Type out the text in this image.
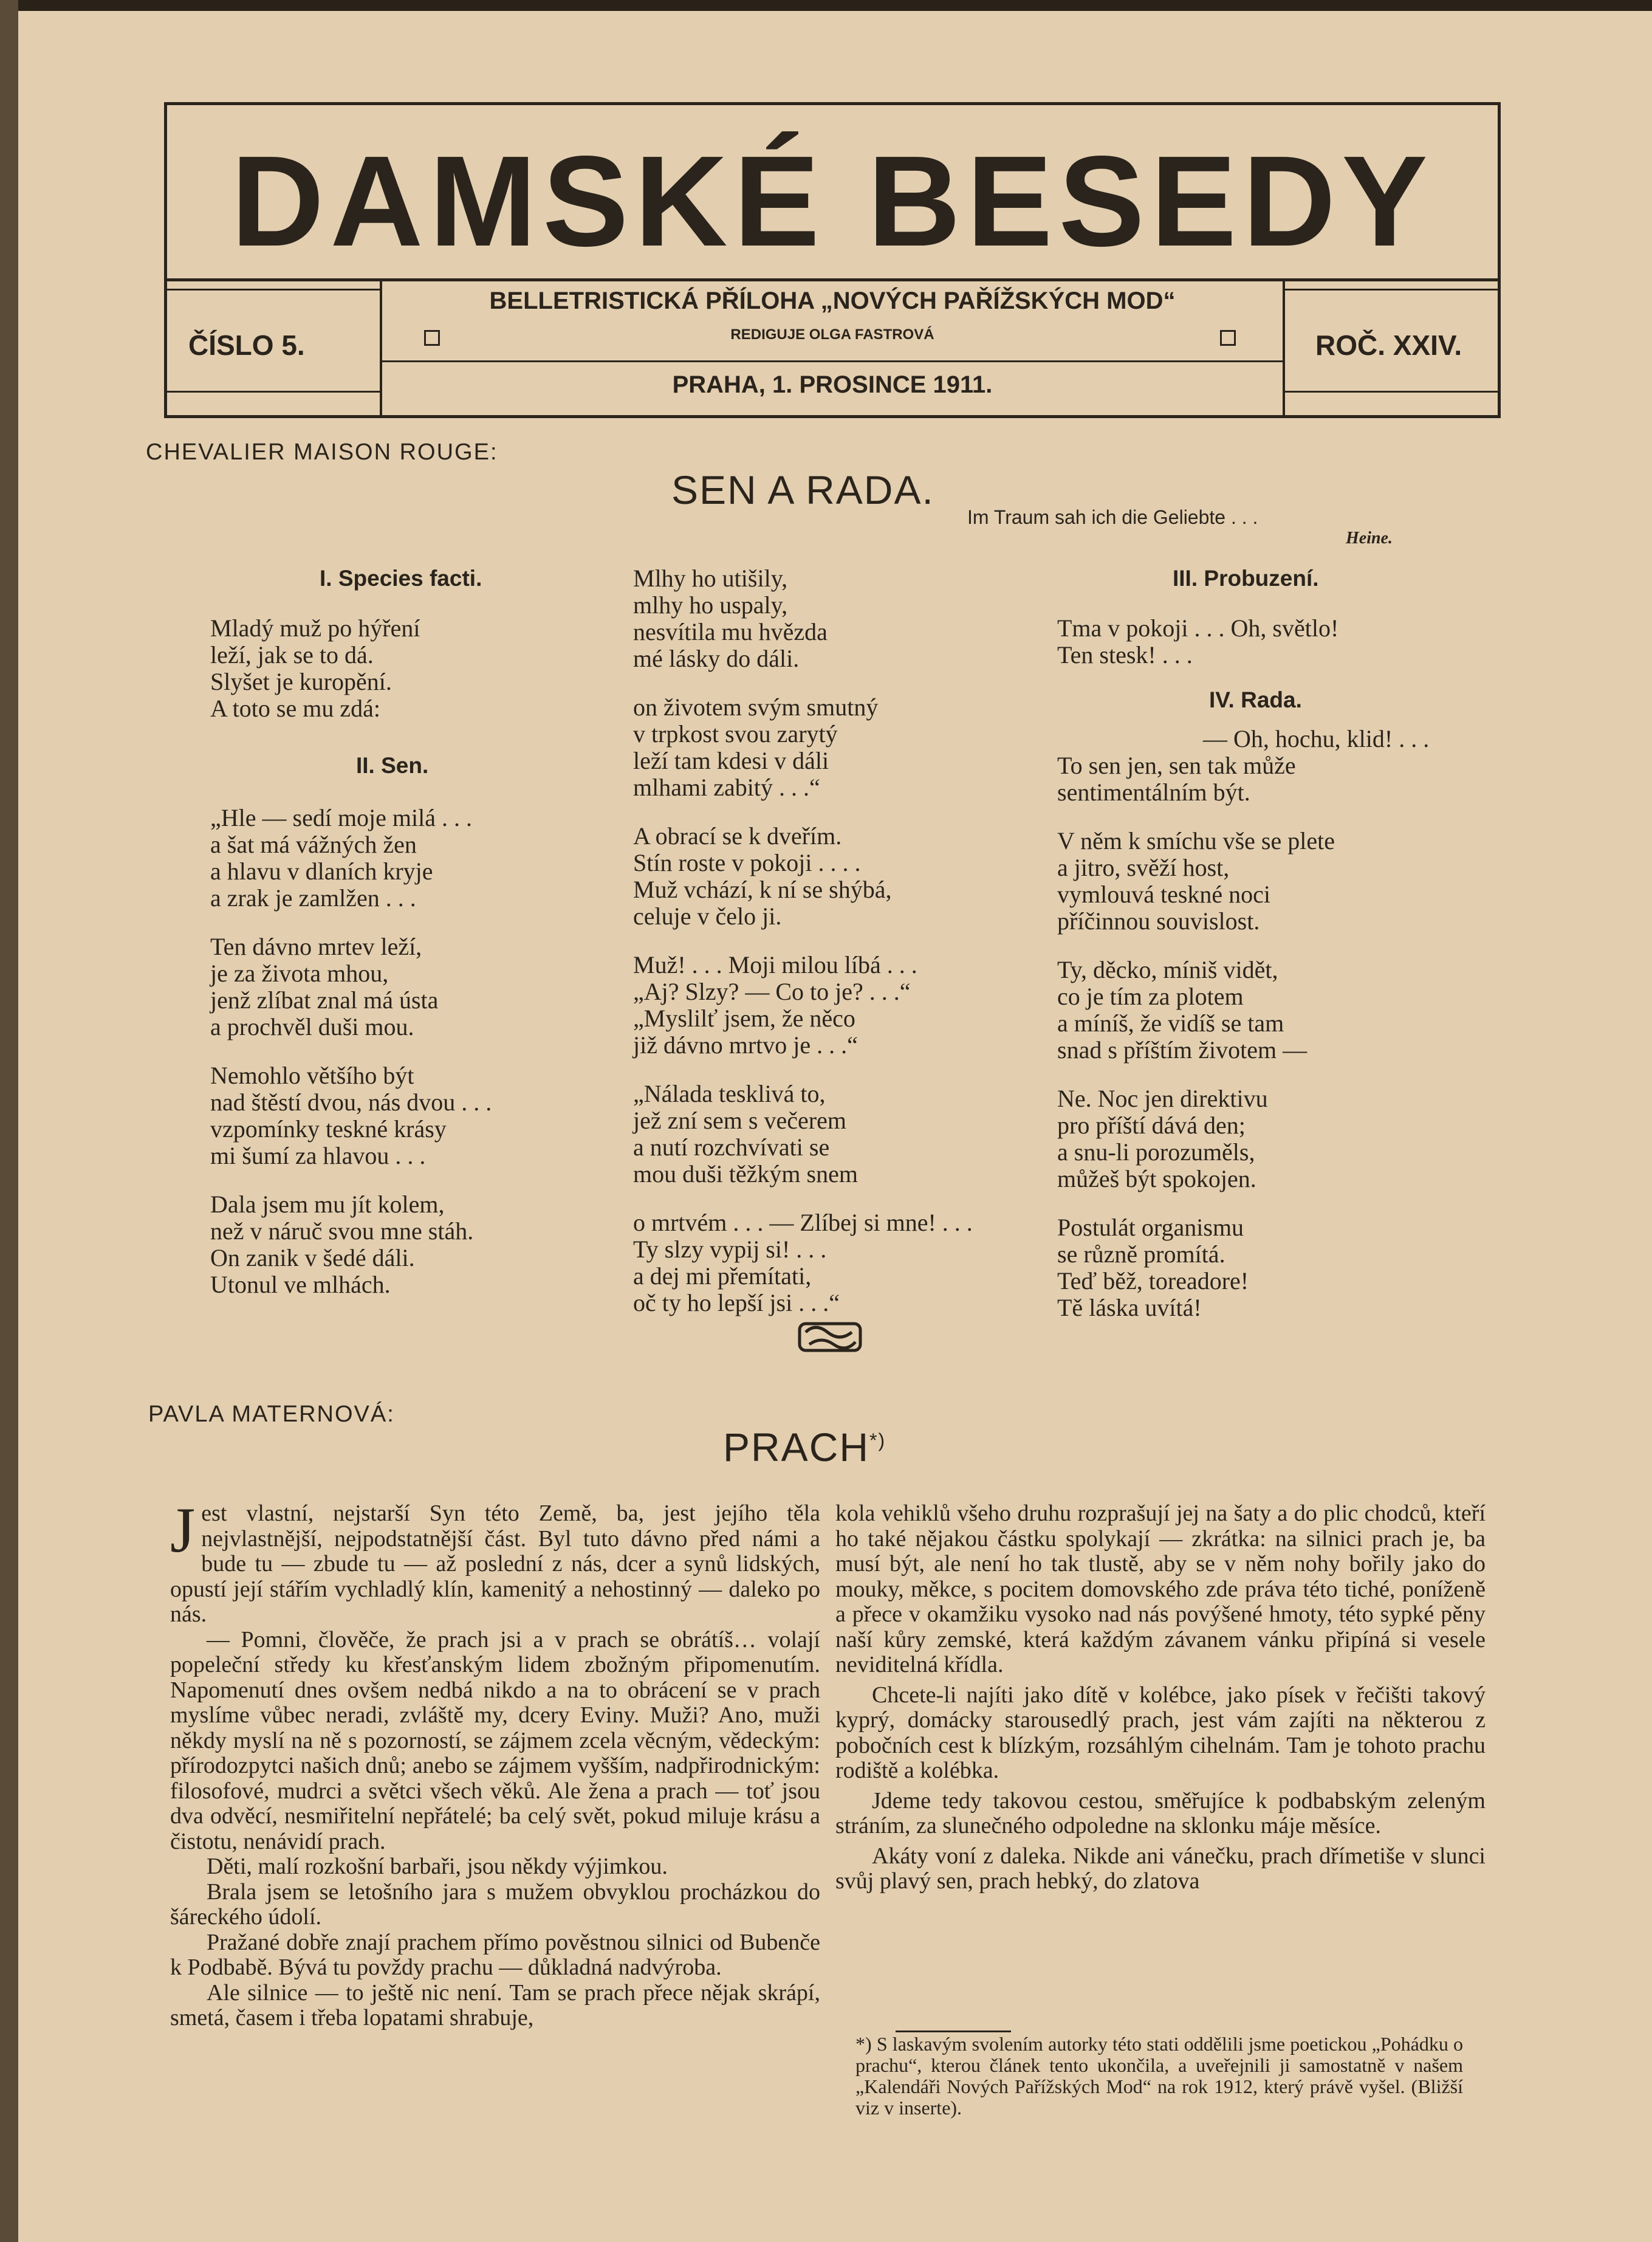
DAMSKÉ BESEDY
ČÍSLO 5.	ROČ. XXIV.
BELLETRISTICKÁ PŘÍLOHA „NOVÝCH PAŘÍŽSKÝCH MOD“
REDIGUJE OLGA FASTROVÁ
PRAHA, 1. PROSINCE 1911.
CHEVALIER MAISON ROUGE:
SEN A RADA.
Im Traum sah ich die Geliebte . . .
Heine.
I. Species facti.
Mladý muž po hýření
leží, jak se to dá.
Slyšet je kuropění.
A toto se mu zdá:
II. Sen.
„Hle — sedí moje milá . . .
a šat má vážných žen
a hlavu v dlaních kryje
a zrak je zamlžen . . .
Ten dávno mrtev leží,
je za života mhou,
jenž zlíbat znal má ústa
a prochvěl duši mou.
Nemohlo většího být
nad štěstí dvou, nás dvou . . .
vzpomínky teskné krásy
mi šumí za hlavou . . .
Dala jsem mu jít kolem,
než v náruč svou mne stáh.
On zanik v šedé dáli.
Utonul ve mlhách.
Mlhy ho utišily,
mlhy ho uspaly,
nesvítila mu hvězda
mé lásky do dáli.
on životem svým smutný
v trpkost svou zarytý
leží tam kdesi v dáli
mlhami zabitý . . .“
A obrací se k dveřím.
Stín roste v pokoji . . . .
Muž vchází, k ní se shýbá,
celuje v čelo ji.
Muž! . . . Moji milou líbá . . .
„Aj? Slzy? — Co to je? . . .“
„Myslilť jsem, že něco
již dávno mrtvo je . . .“
„Nálada tesklivá to,
jež zní sem s večerem
a nutí rozchvívati se
mou duši těžkým snem
o mrtvém . . . — Zlíbej si mne! . . .
Ty slzy vypij si! . . .
a dej mi přemítati,
oč ty ho lepší jsi . . .“
III. Probuzení.
Tma v pokoji . . . Oh, světlo!
Ten stesk! . . .
IV. Rada.
— Oh, hochu, klid! . . .
To sen jen, sen tak může
sentimentálním být.
V něm k smíchu vše se plete
a jitro, svěží host,
vymlouvá teskné noci
příčinnou souvislost.
Ty, děcko, míniš vidět,
co je tím za plotem
a míníš, že vidíš se tam
snad s příštím životem —
Ne. Noc jen direktivu
pro příští dává den;
a snu-li porozuměls,
můžeš být spokojen.
Postulát organismu
se různě promítá.
Teď běž, toreadore!
Tě láska uvítá!
PAVLA MATERNOVÁ:
PRACH*)

Jest vlastní, nejstarší Syn této Země, ba, jest jejího těla nejvlastnější, nejpodstatnější část. Byl tuto dávno před námi a bude tu — zbude tu — až poslední z nás, dcer a synů lidských, opustí její stářím vychladlý klín, kamenitý a nehostinný — daleko po nás.

— Pomni, člověče, že prach jsi a v prach se obrátíš… volají popeleční středy ku křesťanským lidem zbožným připomenutím. Napomenutí dnes ovšem nedbá nikdo a na to obrácení se v prach myslíme vůbec neradi, zvláště my, dcery Eviny. Muži? Ano, muži někdy myslí na ně s pozorností, se zájmem zcela věcným, vědeckým: přírodozpytci našich dnů; anebo se zájmem vyšším, nadpřirodnickým: filosofové, mudrci a světci všech věků. Ale žena a prach — toť jsou dva odvěcí, nesmiřitelní nepřátelé; ba celý svět, pokud miluje krásu a čistotu, nenávidí prach.

Děti, malí rozkošní barbaři, jsou někdy výjimkou.

Brala jsem se letošního jara s mužem obvyklou procházkou do šáreckého údolí.

Pražané dobře znají prachem přímo pověstnou silnici od Bubenče k Podbabě. Bývá tu povždy prachu — důkladná nadvýroba.

Ale silnice — to ještě nic není. Tam se prach přece nějak skrápí, smetá, časem i třeba lopatami shrabuje,

kola vehiklů všeho druhu rozprašují jej na šaty a do plic chodců, kteří ho také nějakou částku spolykají — zkrátka: na silnici prach je, ba musí být, ale není ho tak tlustě, aby se v něm nohy bořily jako do mouky, měkce, s pocitem domovského zde práva této tiché, poníženě a přece v okamžiku vysoko nad nás povýšené hmoty, této sypké pěny naší kůry zemské, která každým závanem vánku připíná si vesele neviditelná křídla.

Chcete-li najíti jako dítě v kolébce, jako písek v řečišti takový kyprý, domácky starousedlý prach, jest vám zajíti na některou z pobočních cest k blízkým, rozsáhlým cihelnám. Tam je tohoto prachu rodiště a kolébka.

Jdeme tedy takovou cestou, směřujíce k podbabským zeleným stráním, za slunečného odpoledne na sklonku máje měsíce.

Akáty voní z daleka. Nikde ani vánečku, prach dřímetiše v slunci svůj plavý sen, prach hebký, do zlatova

*) S laskavým svolením autorky této stati oddělili jsme poetickou „Pohádku o prachu“, kterou článek tento ukončila, a uveřejnili ji samostatně v našem „Kalendáři Nových Pařížských Mod“ na rok 1912, který právě vyšel. (Bližší viz v inserte).
